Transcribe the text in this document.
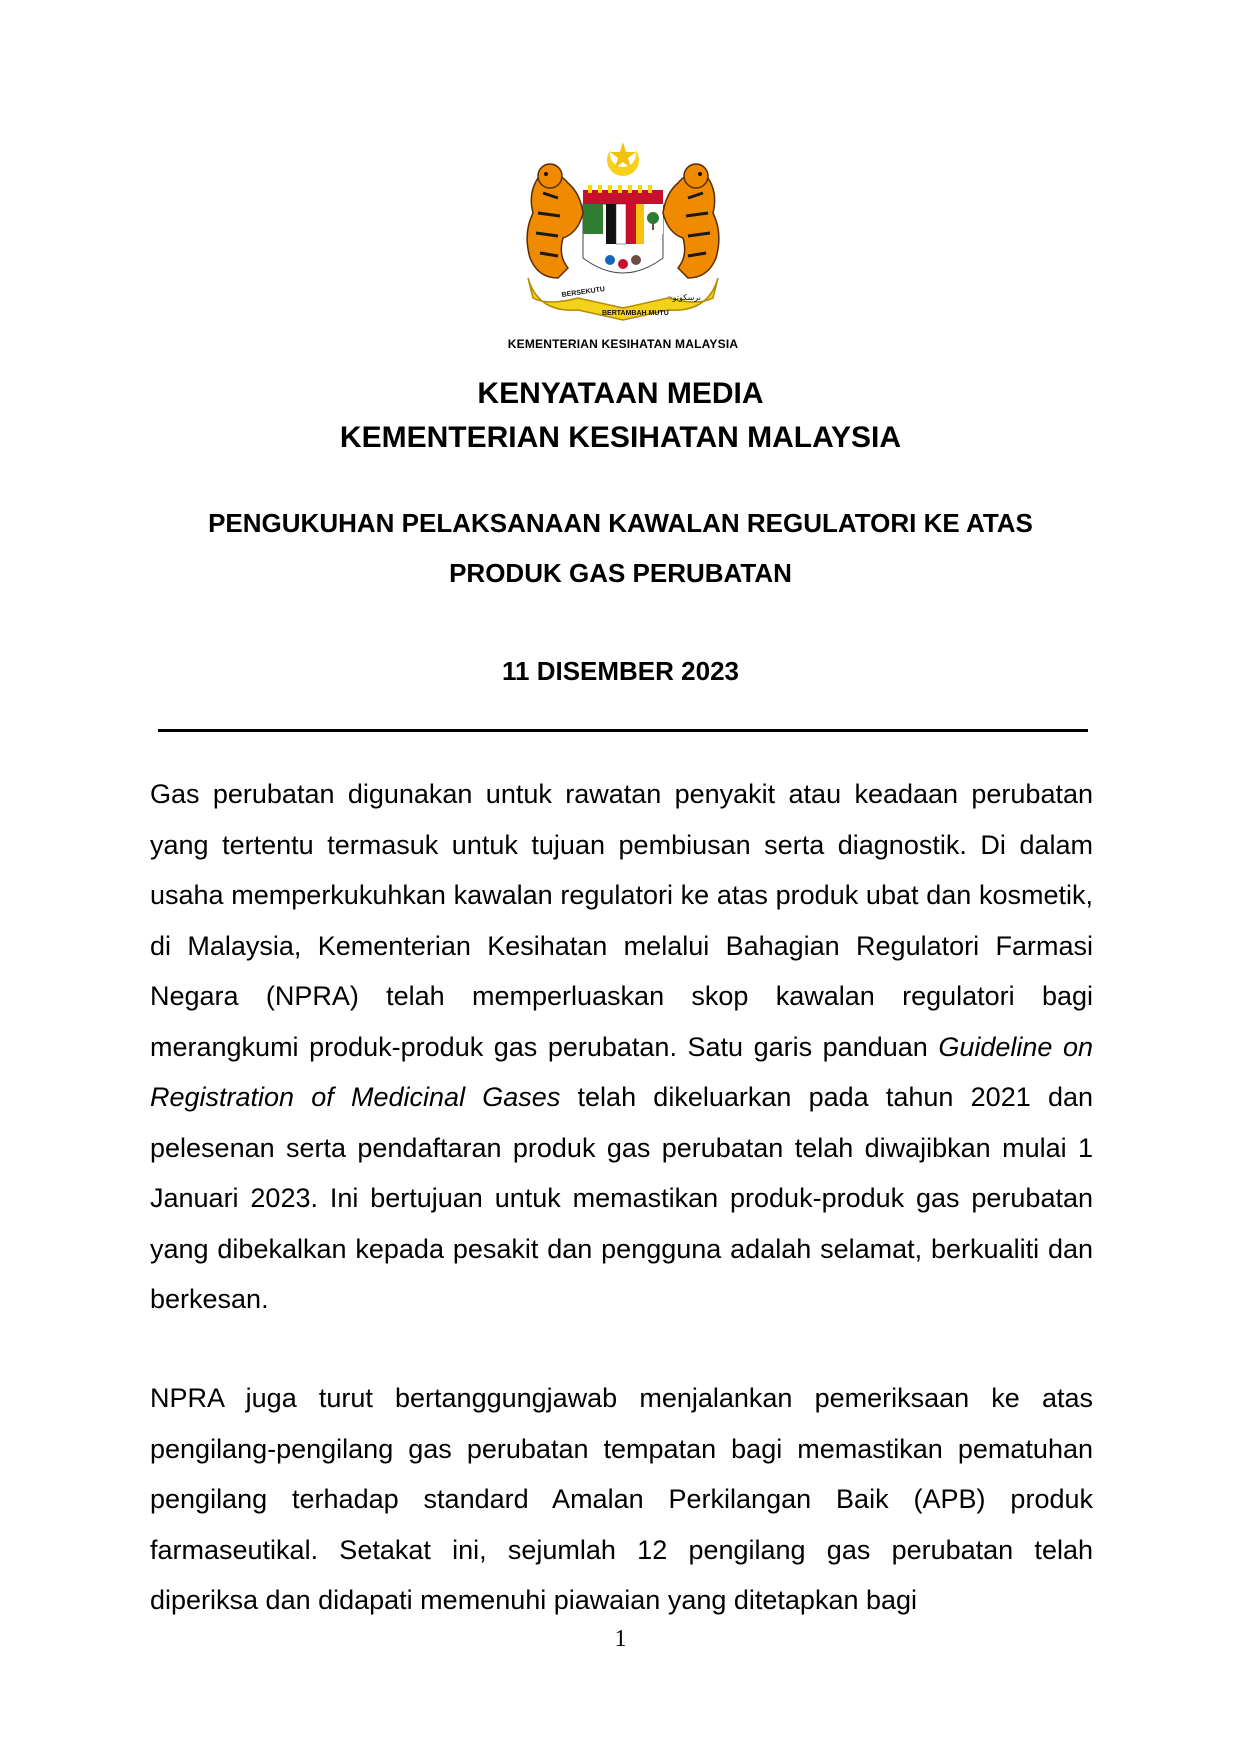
BERSEKUTU
BERTAMBAH MUTU
~ىرسكوتو
KEMENTERIAN KESIHATAN MALAYSIA
KENYATAAN MEDIA
KEMENTERIAN KESIHATAN MALAYSIA
PENGUKUHAN PELAKSANAAN KAWALAN REGULATORI KE ATAS
PRODUK GAS PERUBATAN
11 DISEMBER 2023
Gas perubatan digunakan untuk rawatan penyakit atau keadaan perubatan yang tertentu termasuk untuk tujuan pembiusan serta diagnostik. Di dalam usaha memperkukuhkan kawalan regulatori ke atas produk ubat dan kosmetik, di Malaysia, Kementerian Kesihatan melalui Bahagian Regulatori Farmasi Negara (NPRA) telah memperluaskan skop kawalan regulatori bagi merangkumi produk-produk gas perubatan. Satu garis panduan Guideline on Registration of Medicinal Gases telah dikeluarkan pada tahun 2021 dan pelesenan serta pendaftaran produk gas perubatan telah diwajibkan mulai 1 Januari 2023. Ini bertujuan untuk memastikan produk-produk gas perubatan yang dibekalkan kepada pesakit dan pengguna adalah selamat, berkualiti dan berkesan.
NPRA juga turut bertanggungjawab menjalankan pemeriksaan ke atas pengilang-pengilang gas perubatan tempatan bagi memastikan pematuhan pengilang terhadap standard Amalan Perkilangan Baik (APB) produk farmaseutikal. Setakat ini, sejumlah 12 pengilang gas perubatan telah diperiksa dan didapati memenuhi piawaian yang ditetapkan bagi
1
